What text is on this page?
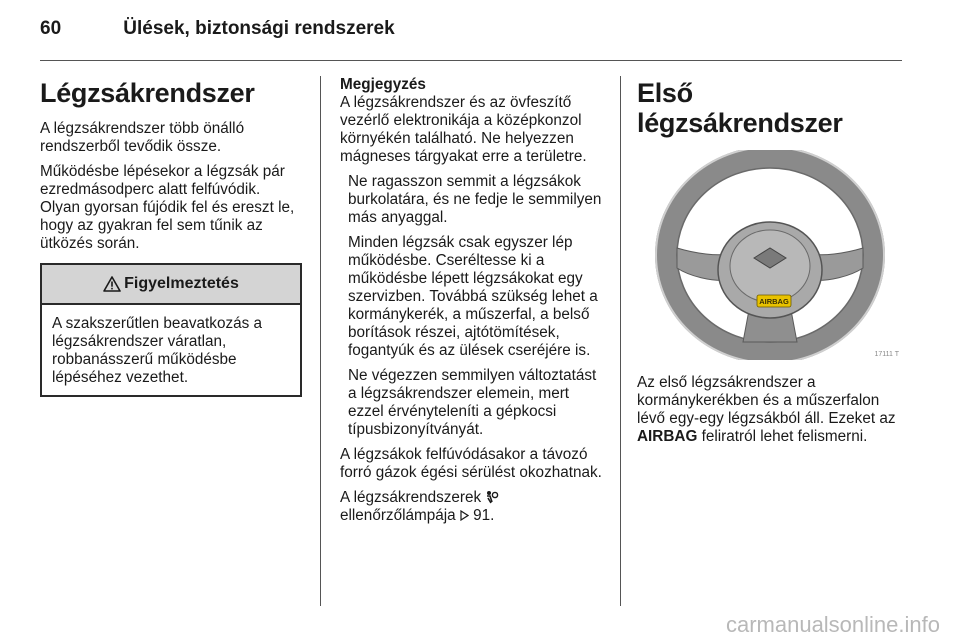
60	Ülések, biztonsági rendszerek
Légzsákrendszer

A légzsákrendszer több önálló rendszerből tevődik össze.

Működésbe lépésekor a légzsák pár ezredmásodperc alatt felfúvódik. Olyan gyorsan fújódik fel és ereszt le, hogy az gyakran fel sem tűnik az ütközés során.

Figyelmeztetés
A szakszerűtlen beavatkozás a légzsákrendszer váratlan, robbanásszerű működésbe lépéséhez vezethet.
Megjegyzés

A légzsákrendszer és az övfeszítő vezérlő elektronikája a középkonzol környékén található. Ne helyezzen mágneses tárgyakat erre a területre.

Ne ragasszon semmit a légzsákok burkolatára, és ne fedje le semmilyen más anyaggal.

Minden légzsák csak egyszer lép működésbe. Cseréltesse ki a működésbe lépett légzsákokat egy szervizben. Továbbá szükség lehet a kormánykerék, a műszerfal, a belső borítások részei, ajtótömítések, fogantyúk és az ülések cseréjére is.

Ne végezzen semmilyen változtatást a légzsákrendszer elemein, mert ezzel érvényteleníti a gépkocsi típusbizonyítványát.

A légzsákok felfúvódásakor a távozó forró gázok égési sérülést okozhatnak.

A légzsákrendszerek
ellenőrzőlámpája 91.

Első légzsákrendszer
AIRBAG
17111 T

Az első légzsákrendszer a kormánykerékben és a műszerfalon lévő egy-egy légzsákból áll. Ezeket az AIRBAG feliratról lehet felismerni.

carmanualsonline.info
